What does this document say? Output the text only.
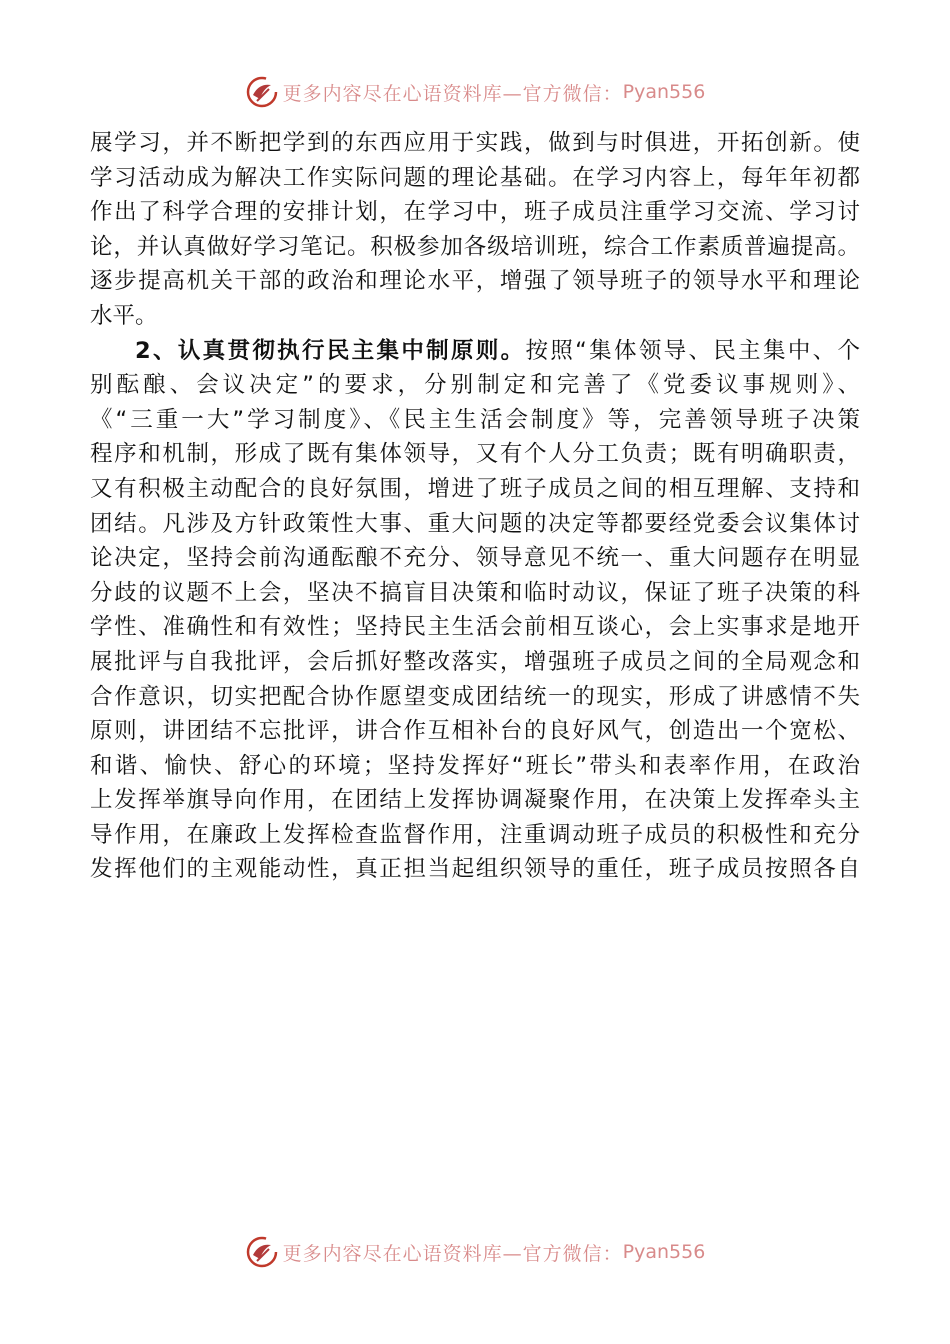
更多内容尽在心语资料库—官方微信： Pyan556
展学习，并不断把学到的东西应用于实践，做到与时俱进，开拓创新。使
学习活动成为解决工作实际问题的理论基础。在学习内容上，每年年初都
作出了科学合理的安排计划，在学习中，班子成员注重学习交流、学习讨
论，并认真做好学习笔记。积极参加各级培训班，综合工作素质普遍提高。
逐步提高机关干部的政治和理论水平，增强了领导班子的领导水平和理论
水平。
2、认真贯彻执行民主集中制原则。按照“集体领导、民主集中、个
别酝酿、会议决定”的要求，分别制定和完善了《党委议事规则》、
《“三重一大”学习制度》、《民主生活会制度》等，完善领导班子决策
程序和机制，形成了既有集体领导，又有个人分工负责；既有明确职责，
又有积极主动配合的良好氛围，增进了班子成员之间的相互理解、支持和
团结。凡涉及方针政策性大事、重大问题的决定等都要经党委会议集体讨
论决定，坚持会前沟通酝酿不充分、领导意见不统一、重大问题存在明显
分歧的议题不上会，坚决不搞盲目决策和临时动议，保证了班子决策的科
学性、准确性和有效性；坚持民主生活会前相互谈心，会上实事求是地开
展批评与自我批评，会后抓好整改落实，增强班子成员之间的全局观念和
合作意识，切实把配合协作愿望变成团结统一的现实，形成了讲感情不失
原则，讲团结不忘批评，讲合作互相补台的良好风气，创造出一个宽松、
和谐、愉快、舒心的环境；坚持发挥好“班长”带头和表率作用，在政治
上发挥举旗导向作用，在团结上发挥协调凝聚作用，在决策上发挥牵头主
导作用，在廉政上发挥检查监督作用，注重调动班子成员的积极性和充分
发挥他们的主观能动性，真正担当起组织领导的重任，班子成员按照各自
更多内容尽在心语资料库—官方微信： Pyan556
